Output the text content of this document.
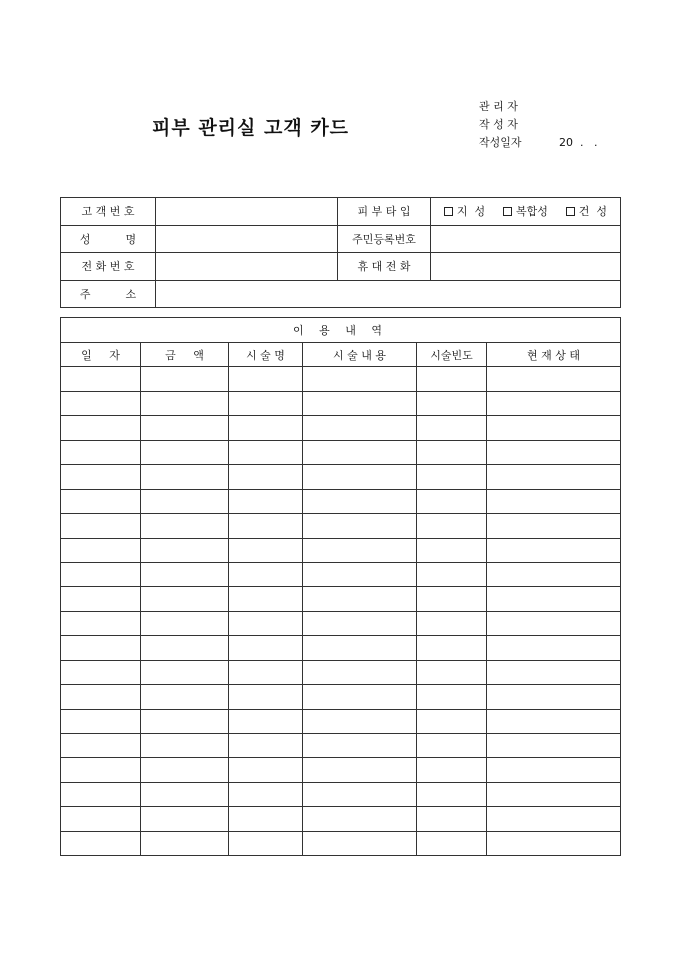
피부 관리실 고객 카드
관 리 자
작 성 자
작성일자	20  .   .
고 객 번 호		피 부 타 입	지  성 복합성 건  성

성          명		주민등록번호	
전 화 번 호		휴 대 전 화	
주          소			
이 용 내 역					
일     자	금     액	시 술 명	시 술 내 용	시술빈도	현 재 상 태
